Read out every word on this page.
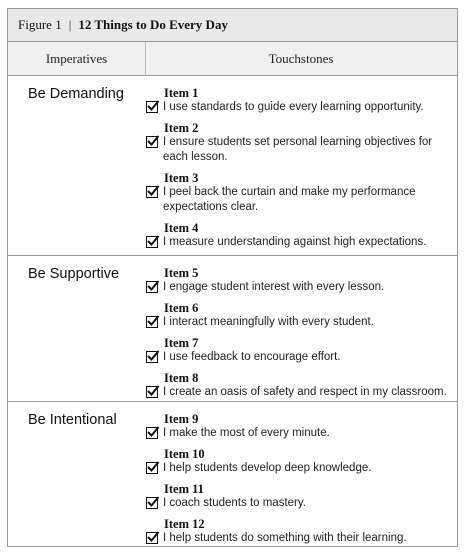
Figure 1 | 12 Things to Do Every Day
Imperatives	Touchstones
Be Demanding	Item 1
I use standards to guide every learning opportunity.
Item 2
I ensure students set personal learning objectives for each lesson.
Item 3
I peel back the curtain and make my performance expectations clear.
Item 4
I measure understanding against high expectations.
Be Supportive	Item 5
I engage student interest with every lesson.
Item 6
I interact meaningfully with every student.
Item 7
I use feedback to encourage effort.
Item 8
I create an oasis of safety and respect in my classroom.
Be Intentional	Item 9
I make the most of every minute.
Item 10
I help students develop deep knowledge.
Item 11
I coach students to mastery.
Item 12
I help students do something with their learning.
